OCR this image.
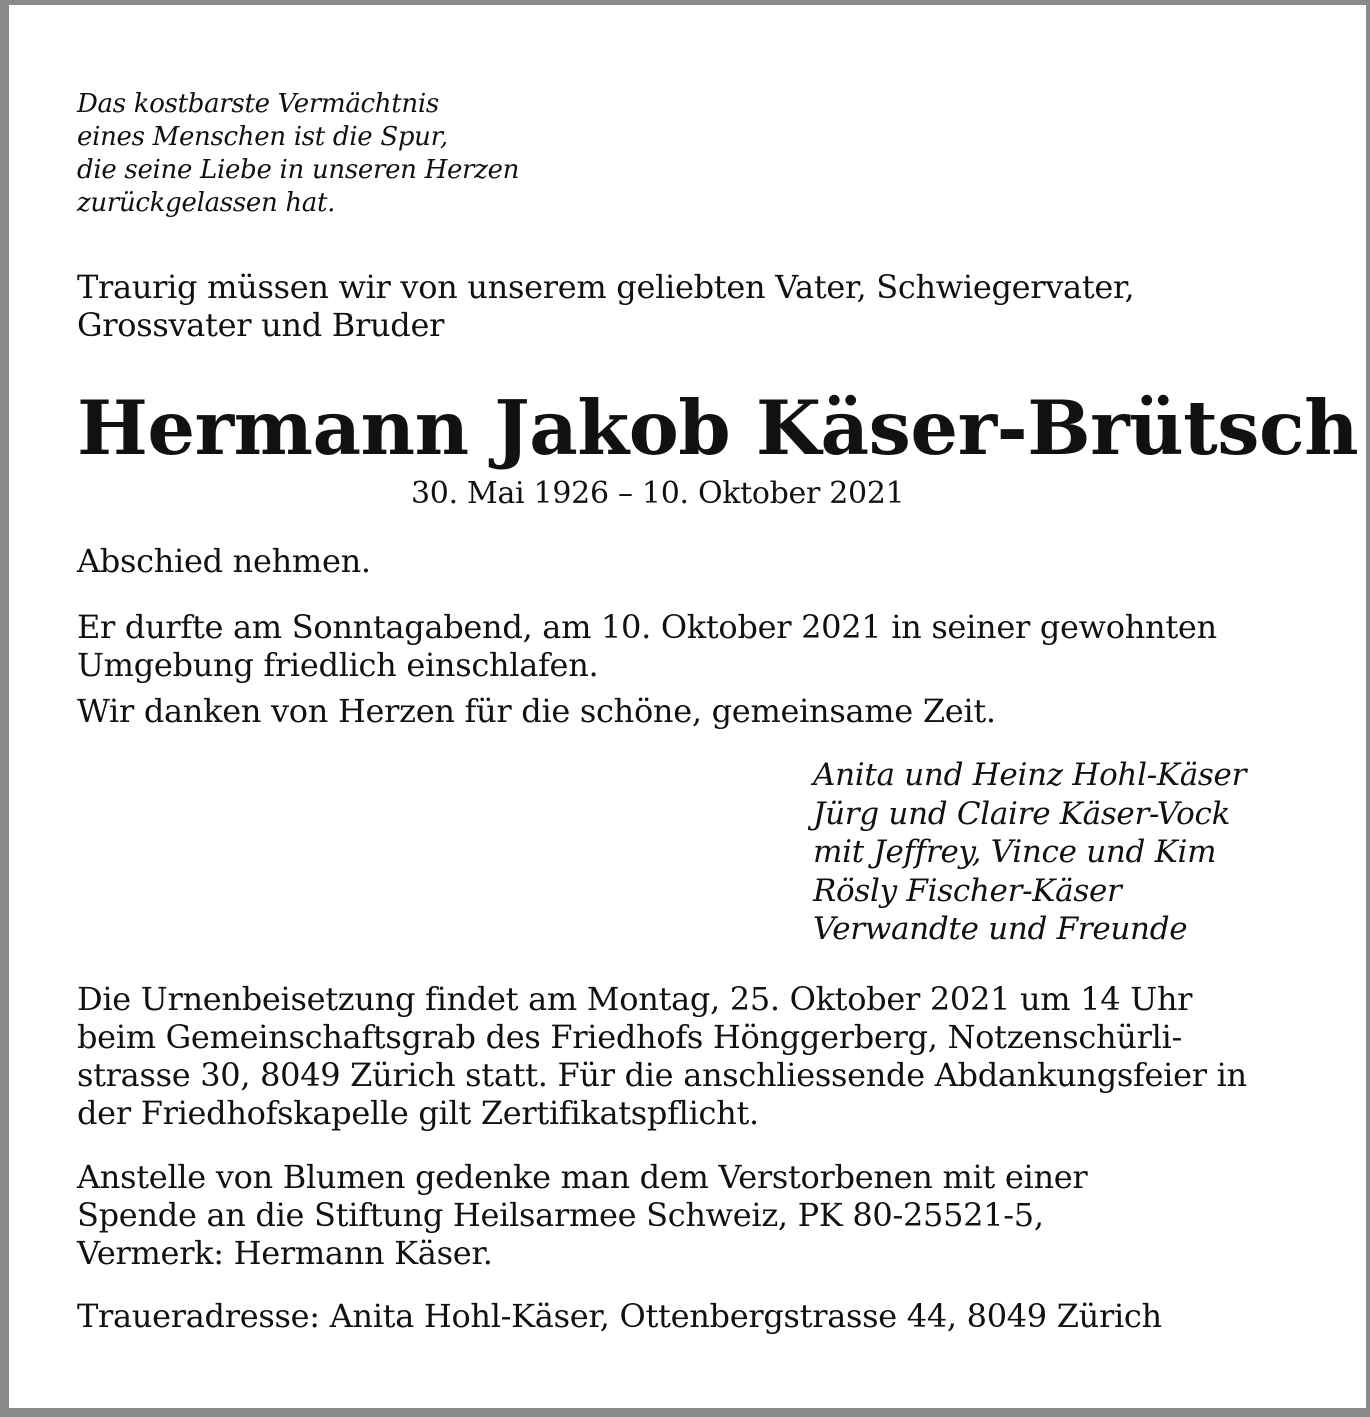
Das kostbarste Vermächtnis
eines Menschen ist die Spur,
die seine Liebe in unseren Herzen
zurückgelassen hat.
Traurig müssen wir von unserem geliebten Vater, Schwiegervater,
Grossvater und Bruder
Hermann Jakob Käser-Brütsch
30. Mai 1926 – 10. Oktober 2021
Abschied nehmen.
Er durfte am Sonntagabend, am 10. Oktober 2021 in seiner gewohnten
Umgebung friedlich einschlafen.
Wir danken von Herzen für die schöne, gemeinsame Zeit.
Anita und Heinz Hohl-Käser
Jürg und Claire Käser-Vock
mit Jeffrey, Vince und Kim
Rösly Fischer-Käser
Verwandte und Freunde
Die Urnenbeisetzung findet am Montag, 25. Oktober 2021 um 14 Uhr
beim Gemeinschaftsgrab des Friedhofs Hönggerberg, Notzenschürli-
strasse 30, 8049 Zürich statt. Für die anschliessende Abdankungsfeier in
der Friedhofskapelle gilt Zertifikatspflicht.
Anstelle von Blumen gedenke man dem Verstorbenen mit einer
Spende an die Stiftung Heilsarmee Schweiz, PK 80-25521-5,
Vermerk: Hermann Käser.
Traueradresse: Anita Hohl-Käser, Ottenbergstrasse 44, 8049 Zürich
